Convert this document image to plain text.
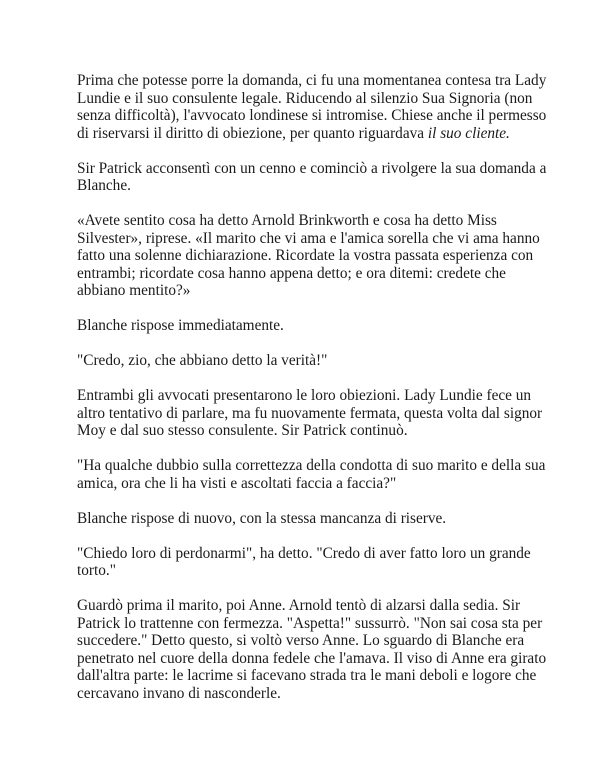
Prima che potesse porre la domanda, ci fu una momentanea contesa tra Lady Lundie e il suo consulente legale. Riducendo al silenzio Sua Signoria (non senza difficoltà), l'avvocato londinese si intromise. Chiese anche il permesso di riservarsi il diritto di obiezione, per quanto riguardava il suo cliente.

Sir Patrick acconsentì con un cenno e cominciò a rivolgere la sua domanda a Blanche.

«Avete sentito cosa ha detto Arnold Brinkworth e cosa ha detto Miss Silvester», riprese. «Il marito che vi ama e l'amica sorella che vi ama hanno fatto una solenne dichiarazione. Ricordate la vostra passata esperienza con entrambi; ricordate cosa hanno appena detto; e ora ditemi: credete che abbiano mentito?»

Blanche rispose immediatamente.

"Credo, zio, che abbiano detto la verità!"

Entrambi gli avvocati presentarono le loro obiezioni. Lady Lundie fece un altro tentativo di parlare, ma fu nuovamente fermata, questa volta dal signor Moy e dal suo stesso consulente. Sir Patrick continuò.

"Ha qualche dubbio sulla correttezza della condotta di suo marito e della sua amica, ora che li ha visti e ascoltati faccia a faccia?"

Blanche rispose di nuovo, con la stessa mancanza di riserve.

"Chiedo loro di perdonarmi", ha detto. "Credo di aver fatto loro un grande torto."

Guardò prima il marito, poi Anne. Arnold tentò di alzarsi dalla sedia. Sir Patrick lo trattenne con fermezza. "Aspetta!" sussurrò. "Non sai cosa sta per succedere." Detto questo, si voltò verso Anne. Lo sguardo di Blanche era penetrato nel cuore della donna fedele che l'amava. Il viso di Anne era girato dall'altra parte: le lacrime si facevano strada tra le mani deboli e logore che cercavano invano di nasconderle.
